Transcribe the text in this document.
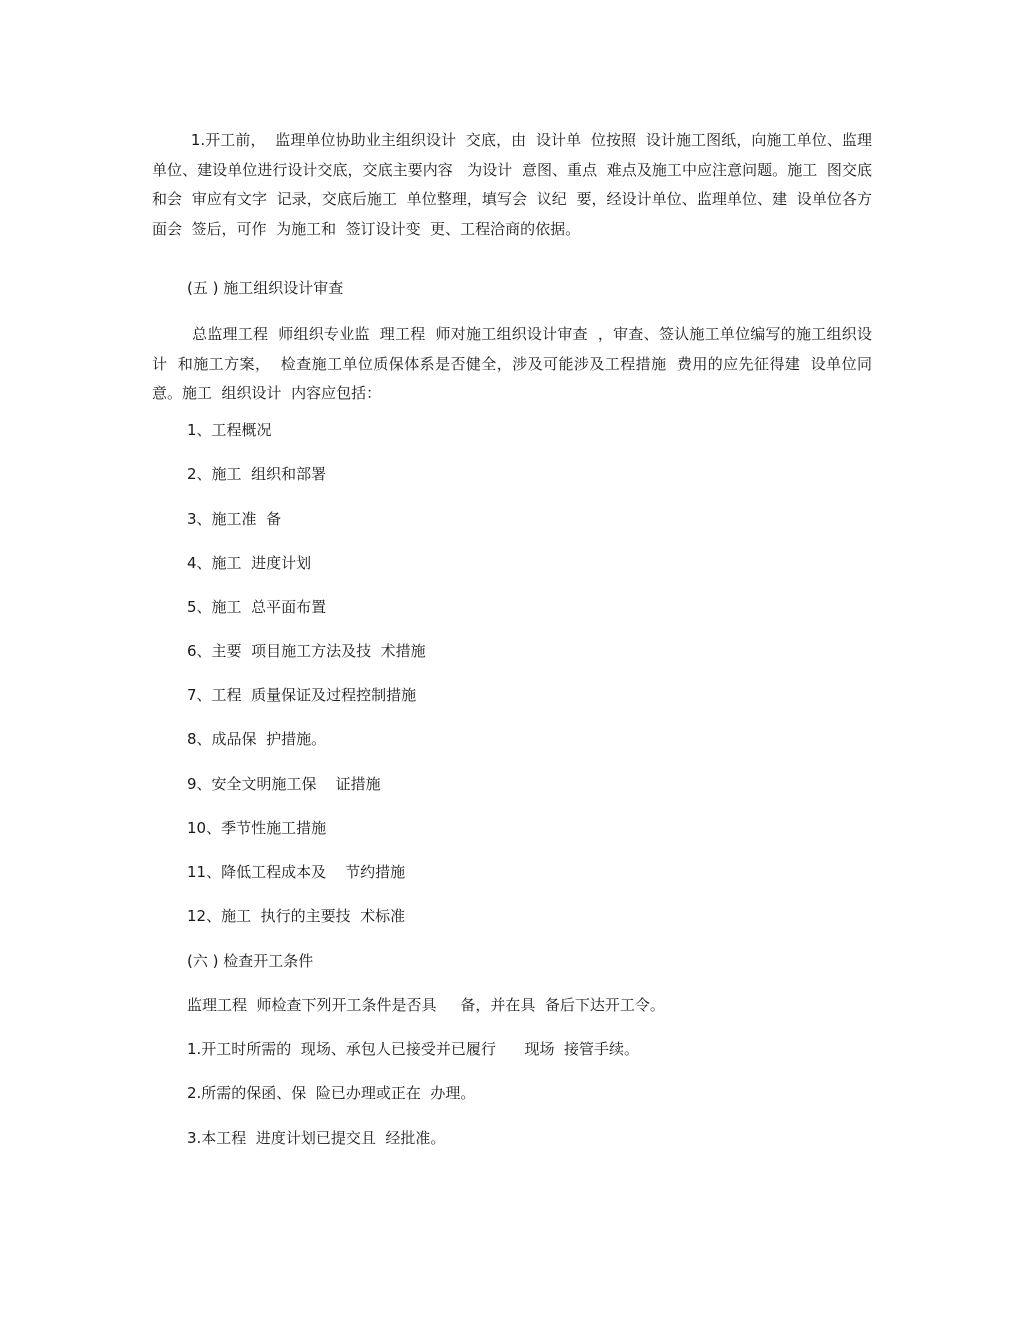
1.开工前，  监理单位协助业主组织设计  交底，由  设计单  位按照  设计施工图纸，向施工单位、监理单位、建设单位进行设计交底，交底主要内容   为设计  意图、重点  难点及施工中应注意问题。施工  图交底和会  审应有文字  记录，交底后施工  单位整理，填写会  议纪  要，经设计单位、监理单位、建  设单位各方面会  签后，可作  为施工和  签订设计变  更、工程洽商的依据。

(五 ) 施工组织设计审查

总监理工程  师组织专业监  理工程  师对施工组织设计审查  ，审查、签认施工单位编写的施工组织设计  和施工方案，  检查施工单位质保体系是否健全，涉及可能涉及工程措施  费用的应先征得建  设单位同意。施工  组织设计  内容应包括：

1、工程概况

2、施工  组织和部署

3、施工准  备

4、施工  进度计划

5、施工  总平面布置

6、主要  项目施工方法及技  术措施

7、工程  质量保证及过程控制措施

8、成品保  护措施。

9、安全文明施工保    证措施

10、季节性施工措施

11、降低工程成本及    节约措施

12、施工  执行的主要技  术标准

(六 ) 检查开工条件

监理工程  师检查下列开工条件是否具     备，并在具  备后下达开工令。

1.开工时所需的  现场、承包人已接受并已履行      现场  接管手续。

2.所需的保函、保  险已办理或正在  办理。

3.本工程  进度计划已提交且  经批准。
